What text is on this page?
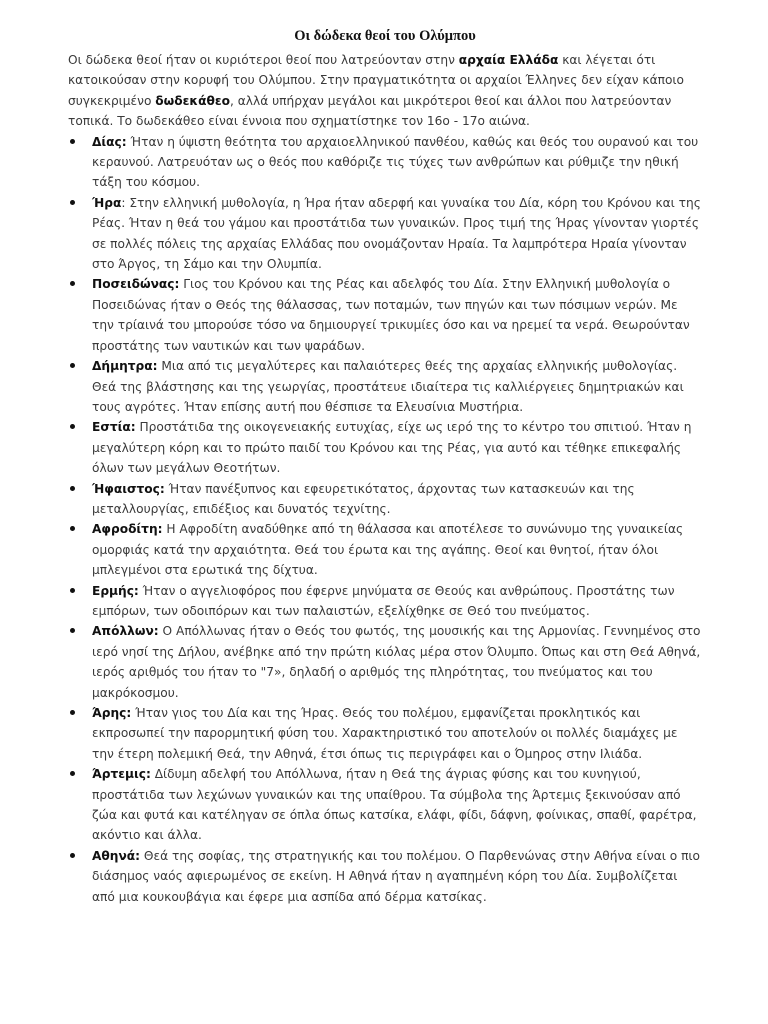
Οι δώδεκα θεοί του Ολύμπου

Οι δώδεκα θεοί ήταν οι κυριότεροι θεοί που λατρεύονταν στην αρχαία Ελλάδα και λέγεται ότι κατοικούσαν στην κορυφή του Ολύμπου. Στην πραγματικότητα οι αρχαίοι Έλληνες δεν είχαν κάποιο συγκεκριμένο δωδεκάθεο, αλλά υπήρχαν μεγάλοι και μικρότεροι θεοί και άλλοι που λατρεύονταν τοπικά. Το δωδεκάθεο είναι έννοια που σχηματίστηκε τον 16ο - 17ο αιώνα.

Δίας: Ήταν η ύψιστη θεότητα του αρχαιοελληνικού πανθέου, καθώς και θεός του ουρανού και του κεραυνού. Λατρευόταν ως ο θεός που καθόριζε τις τύχες των ανθρώπων και ρύθμιζε την ηθική τάξη του κόσμου.
Ήρα: Στην ελληνική μυθολογία, η Ήρα ήταν αδερφή και γυναίκα του Δία, κόρη του Κρόνου και της Ρέας. Ήταν η θεά του γάμου και προστάτιδα των γυναικών. Προς τιμή της Ήρας γίνονταν γιορτές σε πολλές πόλεις της αρχαίας Ελλάδας που ονομάζονταν Ηραία. Τα λαμπρότερα Ηραία γίνονταν στο Άργος, τη Σάμο και την Ολυμπία.
Ποσειδώνας: Γιος του Κρόνου και της Ρέας και αδελφός του Δία. Στην Ελληνική μυθολογία ο Ποσειδώνας ήταν ο Θεός της θάλασσας, των ποταμών, των πηγών και των πόσιμων νερών. Με την τρίαινά του μπορούσε τόσο να δημιουργεί τρικυμίες όσο και να ηρεμεί τα νερά. Θεωρούνταν προστάτης των ναυτικών και των ψαράδων.
Δήμητρα: Μια από τις μεγαλύτερες και παλαιότερες θεές της αρχαίας ελληνικής μυθολογίας. Θεά της βλάστησης και της γεωργίας, προστάτευε ιδιαίτερα τις καλλιέργειες δημητριακών και τους αγρότες. Ήταν επίσης αυτή που θέσπισε τα Ελευσίνια Μυστήρια.
Εστία: Προστάτιδα της οικογενειακής ευτυχίας, είχε ως ιερό της το κέντρο του σπιτιού. Ήταν η μεγαλύτερη κόρη και το πρώτο παιδί του Κρόνου και της Ρέας, για αυτό και τέθηκε επικεφαλής όλων των μεγάλων Θεοτήτων.
Ήφαιστος: Ήταν πανέξυπνος και εφευρετικότατος, άρχοντας των κατασκευών και της μεταλλουργίας, επιδέξιος και δυνατός τεχνίτης.
Αφροδίτη: Η Αφροδίτη αναδύθηκε από τη θάλασσα και αποτέλεσε το συνώνυμο της γυναικείας ομορφιάς κατά την αρχαιότητα. Θεά του έρωτα και της αγάπης. Θεοί και θνητοί, ήταν όλοι μπλεγμένοι στα ερωτικά της δίχτυα.
Ερμής: Ήταν ο αγγελιοφόρος που έφερνε μηνύματα σε Θεούς και ανθρώπους. Προστάτης των εμπόρων, των οδοιπόρων και των παλαιστών, εξελίχθηκε σε Θεό του πνεύματος.
Απόλλων: Ο Απόλλωνας ήταν ο Θεός του φωτός, της μουσικής και της Αρμονίας. Γεννημένος στο ιερό νησί της Δήλου, ανέβηκε από την πρώτη κιόλας μέρα στον Όλυμπο. Όπως και στη Θεά Αθηνά, ιερός αριθμός του ήταν το "7», δηλαδή ο αριθμός της πληρότητας, του πνεύματος και του μακρόκοσμου.
Άρης: Ήταν γιος του Δία και της Ήρας. Θεός του πολέμου, εμφανίζεται προκλητικός και εκπροσωπεί την παρορμητική φύση του. Χαρακτηριστικό του αποτελούν οι πολλές διαμάχες με την έτερη πολεμική Θεά, την Αθηνά, έτσι όπως τις περιγράφει και ο Όμηρος στην Ιλιάδα.
Άρτεμις: Δίδυμη αδελφή του Απόλλωνα, ήταν η Θεά της άγριας φύσης και του κυνηγιού, προστάτιδα των λεχώνων γυναικών και της υπαίθρου. Τα σύμβολα της Άρτεμις ξεκινούσαν από ζώα και φυτά και κατέληγαν σε όπλα όπως κατσίκα, ελάφι, φίδι, δάφνη, φοίνικας, σπαθί, φαρέτρα, ακόντιο και άλλα.
Αθηνά: Θεά της σοφίας, της στρατηγικής και του πολέμου. Ο Παρθενώνας στην Αθήνα είναι ο πιο διάσημος ναός αφιερωμένος σε εκείνη. Η Αθηνά ήταν η αγαπημένη κόρη του Δία. Συμβολίζεται από μια κουκουβάγια και έφερε μια ασπίδα από δέρμα κατσίκας.
